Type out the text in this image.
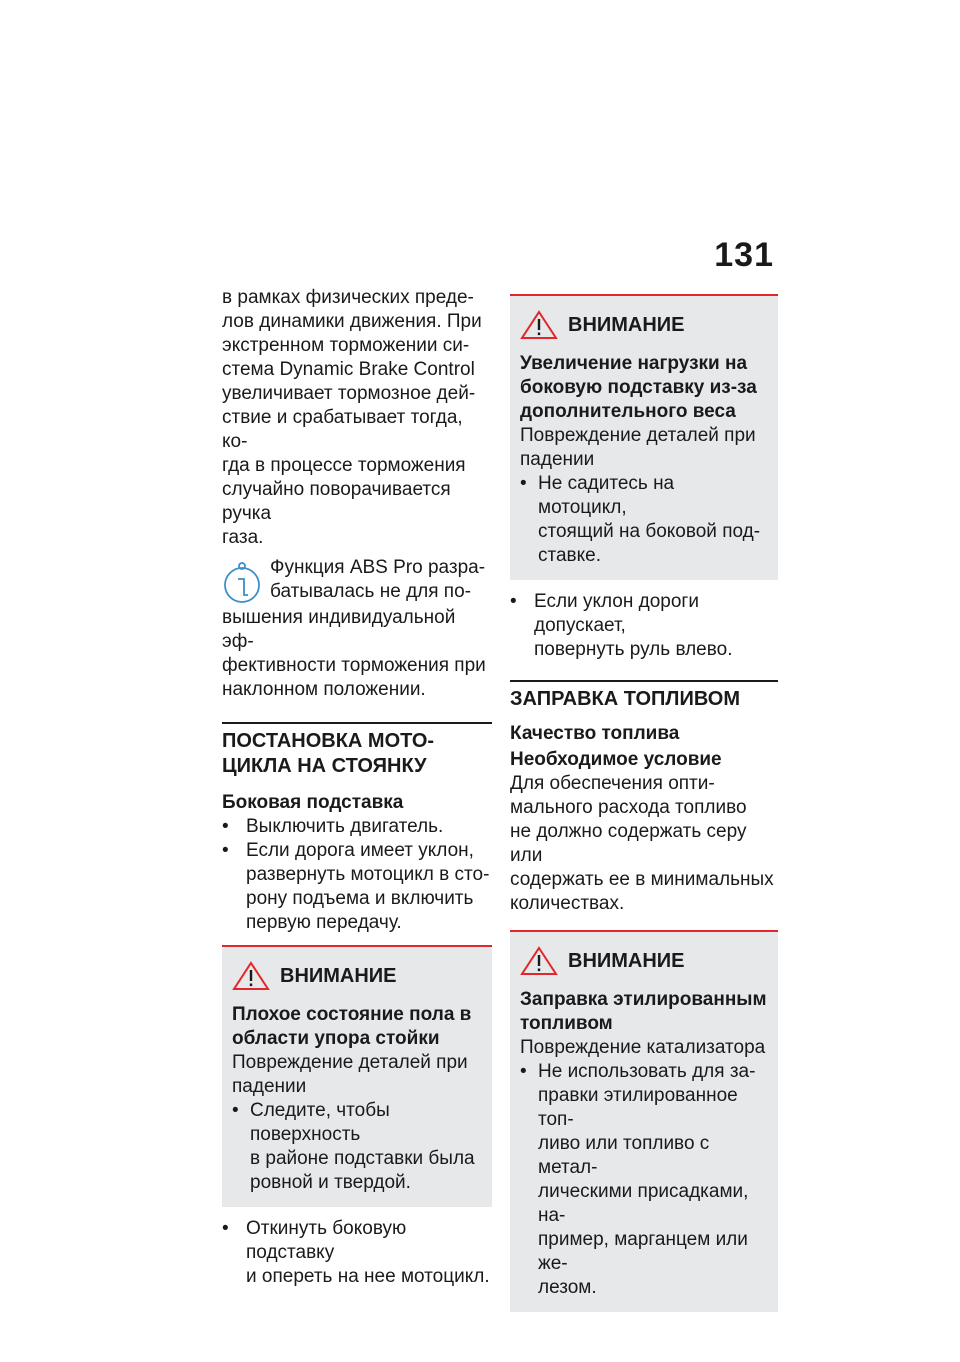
131

в рамках физических преде-

лов динамики движения. При

экстренном торможении си-

стема Dynamic Brake Control

увеличивает тормозное дей-

ствие и срабатывает тогда, ко-

гда в процессе торможения

случайно поворачивается ручка

газа.

Функция ABS Pro разра-

батывалась не для по-

вышения индивидуальной эф-

фективности торможения при

наклонном положении.

ПОСТАНОВКА МОТО-
ЦИКЛА НА СТОЯНКУ
Боковая подставка

• Выключить двигатель.

• Если дорога имеет уклон,
развернуть мотоцикл в сто-
рону подъема и включить
первую передачу.
ВНИМАНИЕ

Плохое состояние пола в

области упора стойки

Повреждение деталей при

падении

• Следите, чтобы поверхность
в районе подставки была
ровной и твердой.
• Откинуть боковую подставку
и опереть на нее мотоцикл.
ВНИМАНИЕ

Увеличение нагрузки на

боковую подставку из-за

дополнительного веса

Повреждение деталей при

падении

• Не садитесь на мотоцикл,
стоящий на боковой под-
ставке.
• Если уклон дороги допускает,
повернуть руль влево.
ЗАПРАВКА ТОПЛИВОМ
Качество топлива
Необходимое условие

Для обеспечения опти-

мального расхода топливо

не должно содержать серу или

содержать ее в минимальных

количествах.

ВНИМАНИЕ

Заправка этилированным

топливом

Повреждение катализатора

• Не использовать для за-
правки этилированное топ-
ливо или топливо с метал-
лическими присадками, на-
пример, марганцем или же-
лезом.
